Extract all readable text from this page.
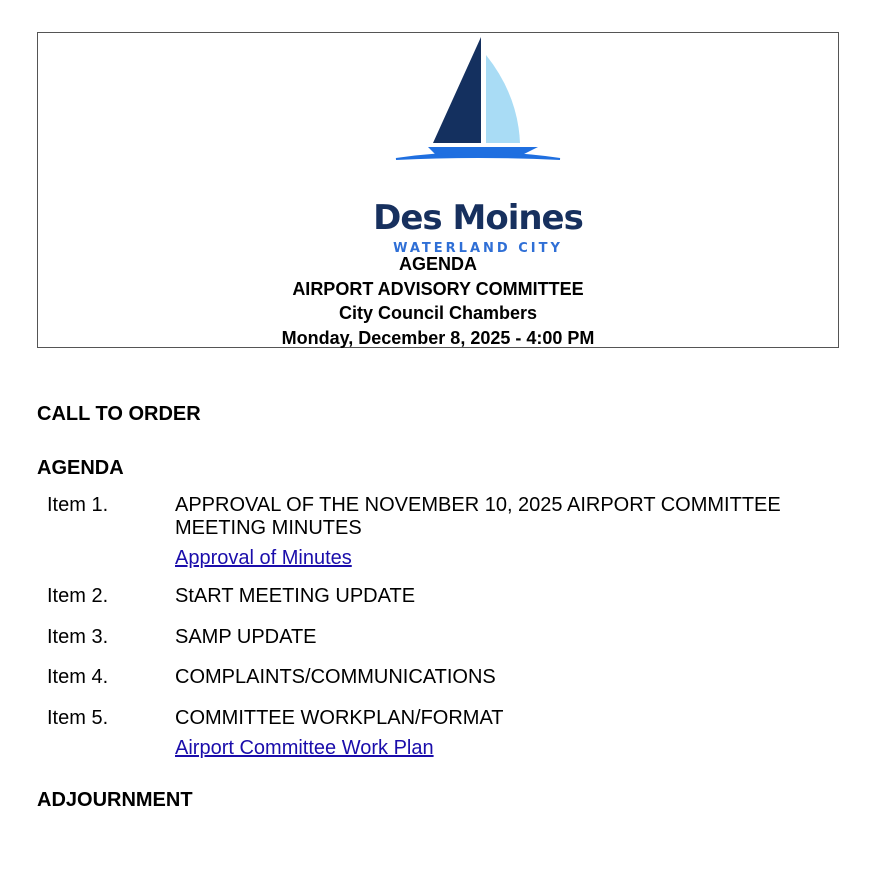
Des Moines
WATERLAND CITY
AGENDA
AIRPORT ADVISORY COMMITTEE
City Council Chambers
Monday, December 8, 2025 - 4:00 PM
CALL TO ORDER
AGENDA
Item 1.	APPROVAL OF THE NOVEMBER 10, 2025 AIRPORT COMMITTEE MEETING MINUTES
Approval of Minutes
Item 2.	StART MEETING UPDATE
Item 3.	SAMP UPDATE
Item 4.	COMPLAINTS/COMMUNICATIONS
Item 5.	COMMITTEE WORKPLAN/FORMAT
Airport Committee Work Plan
ADJOURNMENT
